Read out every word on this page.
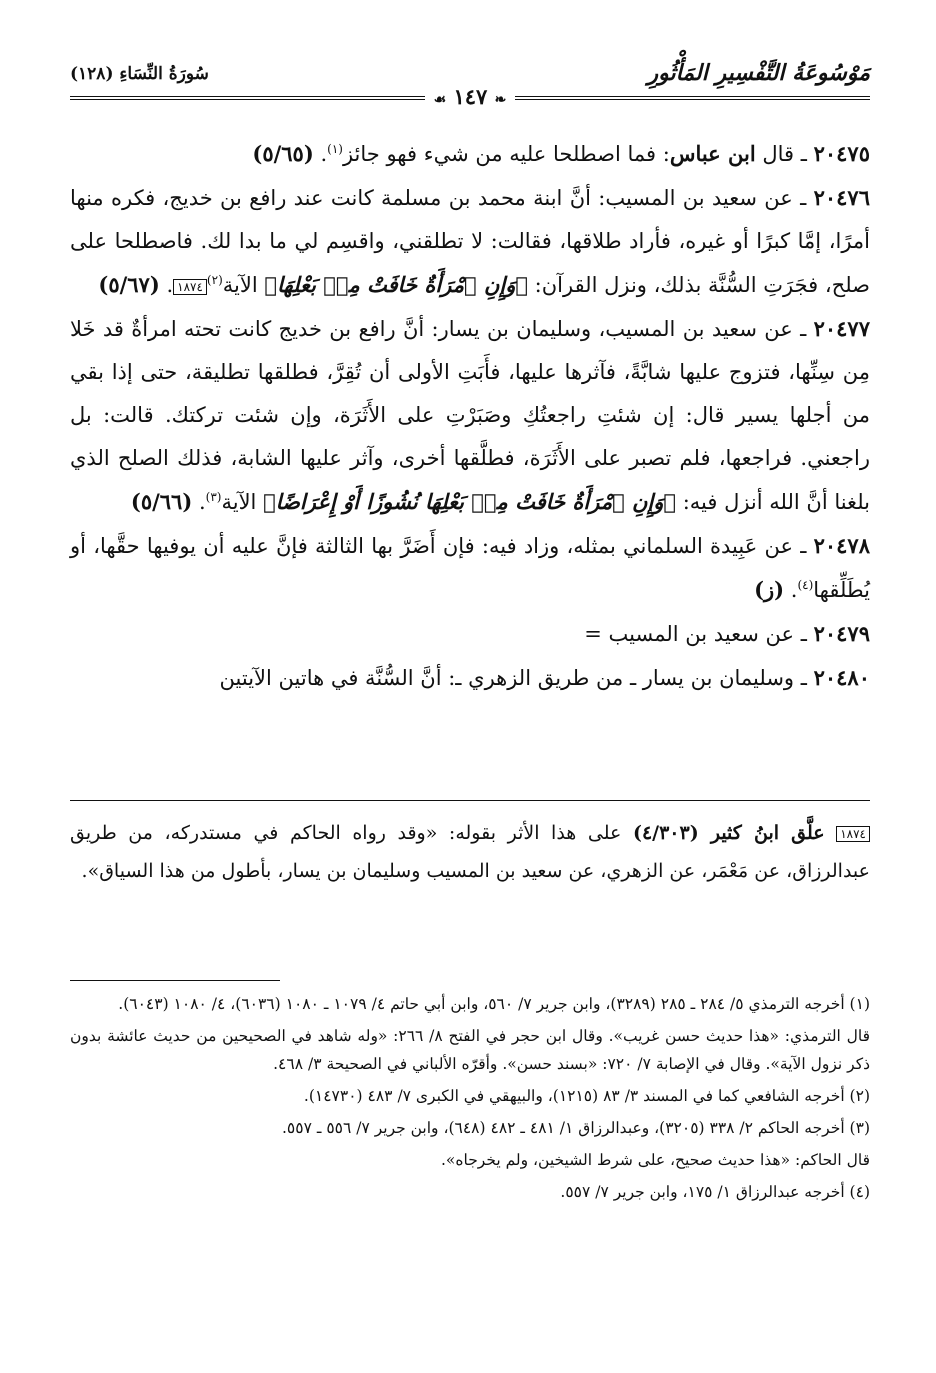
مَوْسُوعَةُ التَّفْسِيرِ المَأْثُورِ
سُورَةُ النِّسَاءِ (١٢٨)
❧ ١٤٧ ☙

٢٠٤٧٥ ـ قال ابن عباس: فما اصطلحا عليه من شيء فهو جائز$^{(١)}$. (٥/٦٥)

٢٠٤٧٦ ـ عن سعيد بن المسيب: أنَّ ابنة محمد بن مسلمة كانت عند رافع بن خديج، فكره منها أمرًا، إمَّا كبرًا أو غيره، فأراد طلاقها، فقالت: لا تطلقني، واقسِم لي ما بدا لك. فاصطلحا على صلح، فجَرَتِ السُّنَّة بذلك، ونزل القرآن: ﴿وَإِنِ ٱمْرَأَةٌ خَافَتْ مِنۢ بَعْلِهَا﴾ الآية$^{(٢)}$١٨٧٤. (٥/٦٧)

٢٠٤٧٧ ـ عن سعيد بن المسيب، وسليمان بن يسار: أنَّ رافع بن خديج كانت تحته امرأةٌ قد خَلا مِن سِنِّها، فتزوج عليها شابَّةً، فآثرها عليها، فأَبَتِ الأولى أن تُقِرَّ، فطلقها تطليقة، حتى إذا بقي من أجلها يسير قال: إن شئتِ راجعتُكِ وصَبَرْتِ على الأَثَرَة، وإن شئت تركتك. قالت: بل راجعني. فراجعها، فلم تصبر على الأَثَرَة، فطلَّقها أخرى، وآثر عليها الشابة، فذلك الصلح الذي بلغنا أنَّ الله أنزل فيه: ﴿وَإِنِ ٱمْرَأَةٌ خَافَتْ مِنۢ بَعْلِهَا نُشُوزًا أَوْ إِعْرَاضًا﴾ الآية$^{(٣)}$. (٥/٦٦)

٢٠٤٧٨ ـ عن عَبِيدة السلماني بمثله، وزاد فيه: فإن أَضَرَّ بها الثالثة فإنَّ عليه أن يوفيها حقَّها، أو يُطَلِّقها$^{(٤)}$. (ز)

٢٠٤٧٩ ـ عن سعيد بن المسيب =

٢٠٤٨٠ ـ وسليمان بن يسار ـ من طريق الزهري ـ: أنَّ السُّنَّة في هاتين الآيتين

١٨٧٤ علَّق ابنُ كثير (٤/٣٠٣) على هذا الأثر بقوله: «وقد رواه الحاكم في مستدركه، من طريق عبدالرزاق، عن مَعْمَر، عن الزهري، عن سعيد بن المسيب وسليمان بن يسار، بأطول من هذا السياق».

(١) أخرجه الترمذي ٥/ ٢٨٤ ـ ٢٨٥ (٣٢٨٩)، وابن جرير ٧/ ٥٦٠، وابن أبي حاتم ٤/ ١٠٧٩ ـ ١٠٨٠ (٦٠٣٦)، ٤/ ١٠٨٠ (٦٠٤٣).

قال الترمذي: «هذا حديث حسن غريب». وقال ابن حجر في الفتح ٨/ ٢٦٦: «وله شاهد في الصحيحين من حديث عائشة بدون ذكر نزول الآية». وقال في الإصابة ٧/ ٧٢٠: «بسند حسن». وأقرّه الألباني في الصحيحة ٣/ ٤٦٨.

(٢) أخرجه الشافعي كما في المسند ٣/ ٨٣ (١٢١٥)، والبيهقي في الكبرى ٧/ ٤٨٣ (١٤٧٣٠).

(٣) أخرجه الحاكم ٢/ ٣٣٨ (٣٢٠٥)، وعبدالرزاق ١/ ٤٨١ ـ ٤٨٢ (٦٤٨)، وابن جرير ٧/ ٥٥٦ ـ ٥٥٧.

قال الحاكم: «هذا حديث صحيح، على شرط الشيخين، ولم يخرجاه».

(٤) أخرجه عبدالرزاق ١/ ١٧٥، وابن جرير ٧/ ٥٥٧.
